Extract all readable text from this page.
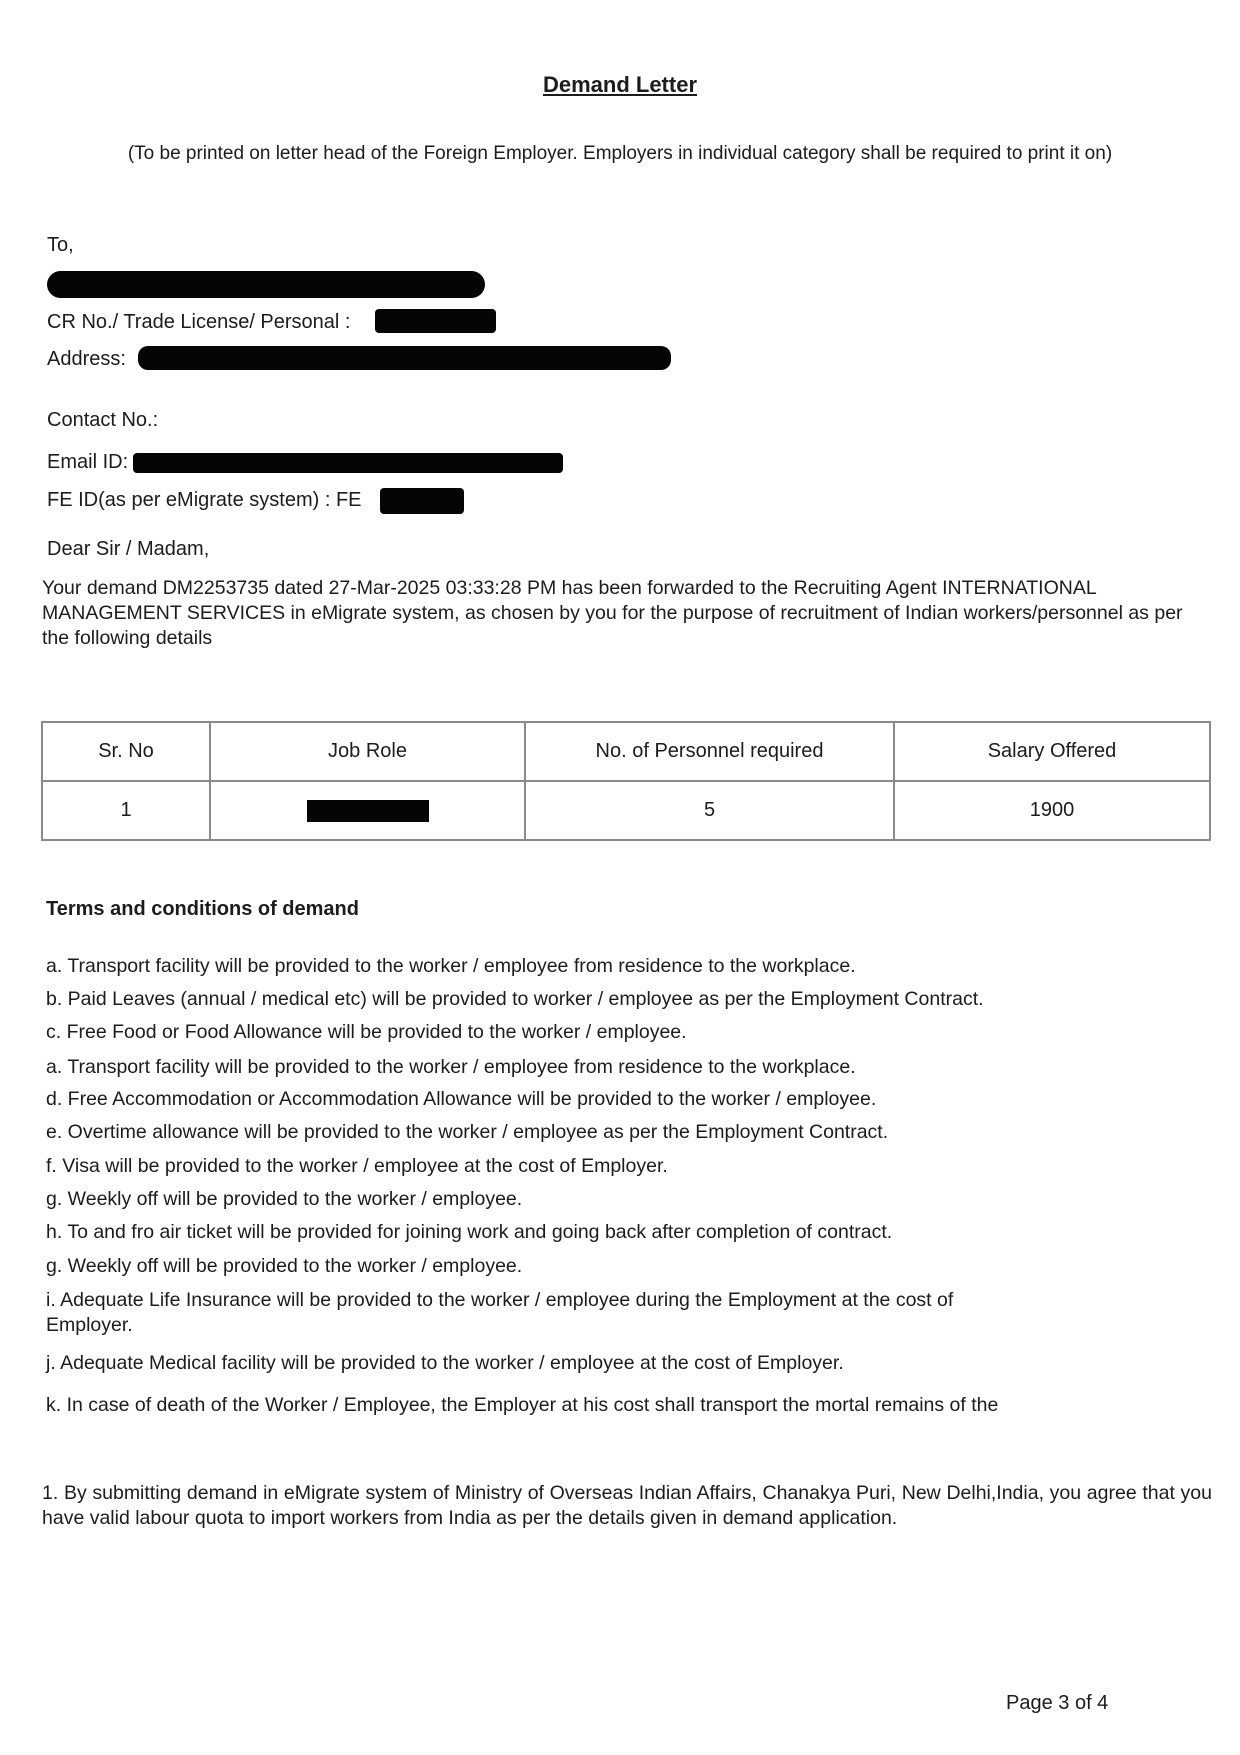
Demand Letter
(To be printed on letter head of the Foreign Employer. Employers in individual category shall be required to print it on)
To,
CR No./ Trade License/ Personal :
Address:
Contact No.:
Email ID:
FE ID(as per eMigrate system) : FE
Dear Sir / Madam,
Your demand DM2253735 dated 27-Mar-2025 03:33:28 PM has been forwarded to the Recruiting Agent INTERNATIONAL MANAGEMENT SERVICES in eMigrate system, as chosen by you for the purpose of recruitment of Indian workers/personnel as per the following details
Sr. No	Job Role	No. of Personnel required	Salary Offered
1		5	1900
Terms and conditions of demand
a. Transport facility will be provided to the worker / employee from residence to the workplace.
b. Paid Leaves (annual / medical etc) will be provided to worker / employee as per the Employment Contract.
c. Free Food or Food Allowance will be provided to the worker / employee.
a. Transport facility will be provided to the worker / employee from residence to the workplace.
d. Free Accommodation or Accommodation Allowance will be provided to the worker / employee.
e. Overtime allowance will be provided to the worker / employee as per the Employment Contract.
f. Visa will be provided to the worker / employee at the cost of Employer.
g. Weekly off will be provided to the worker / employee.
h. To and fro air ticket will be provided for joining work and going back after completion of contract.
g. Weekly off will be provided to the worker / employee.
i. Adequate Life Insurance will be provided to the worker / employee during the Employment at the cost of Employer.
j. Adequate Medical facility will be provided to the worker / employee at the cost of Employer.
k. In case of death of the Worker / Employee, the Employer at his cost shall transport the mortal remains of the
1. By submitting demand in eMigrate system of Ministry of Overseas Indian Affairs, Chanakya Puri, New Delhi,India, you agree that you have valid labour quota to import workers from India as per the details given in demand application.
Page 3 of 4
